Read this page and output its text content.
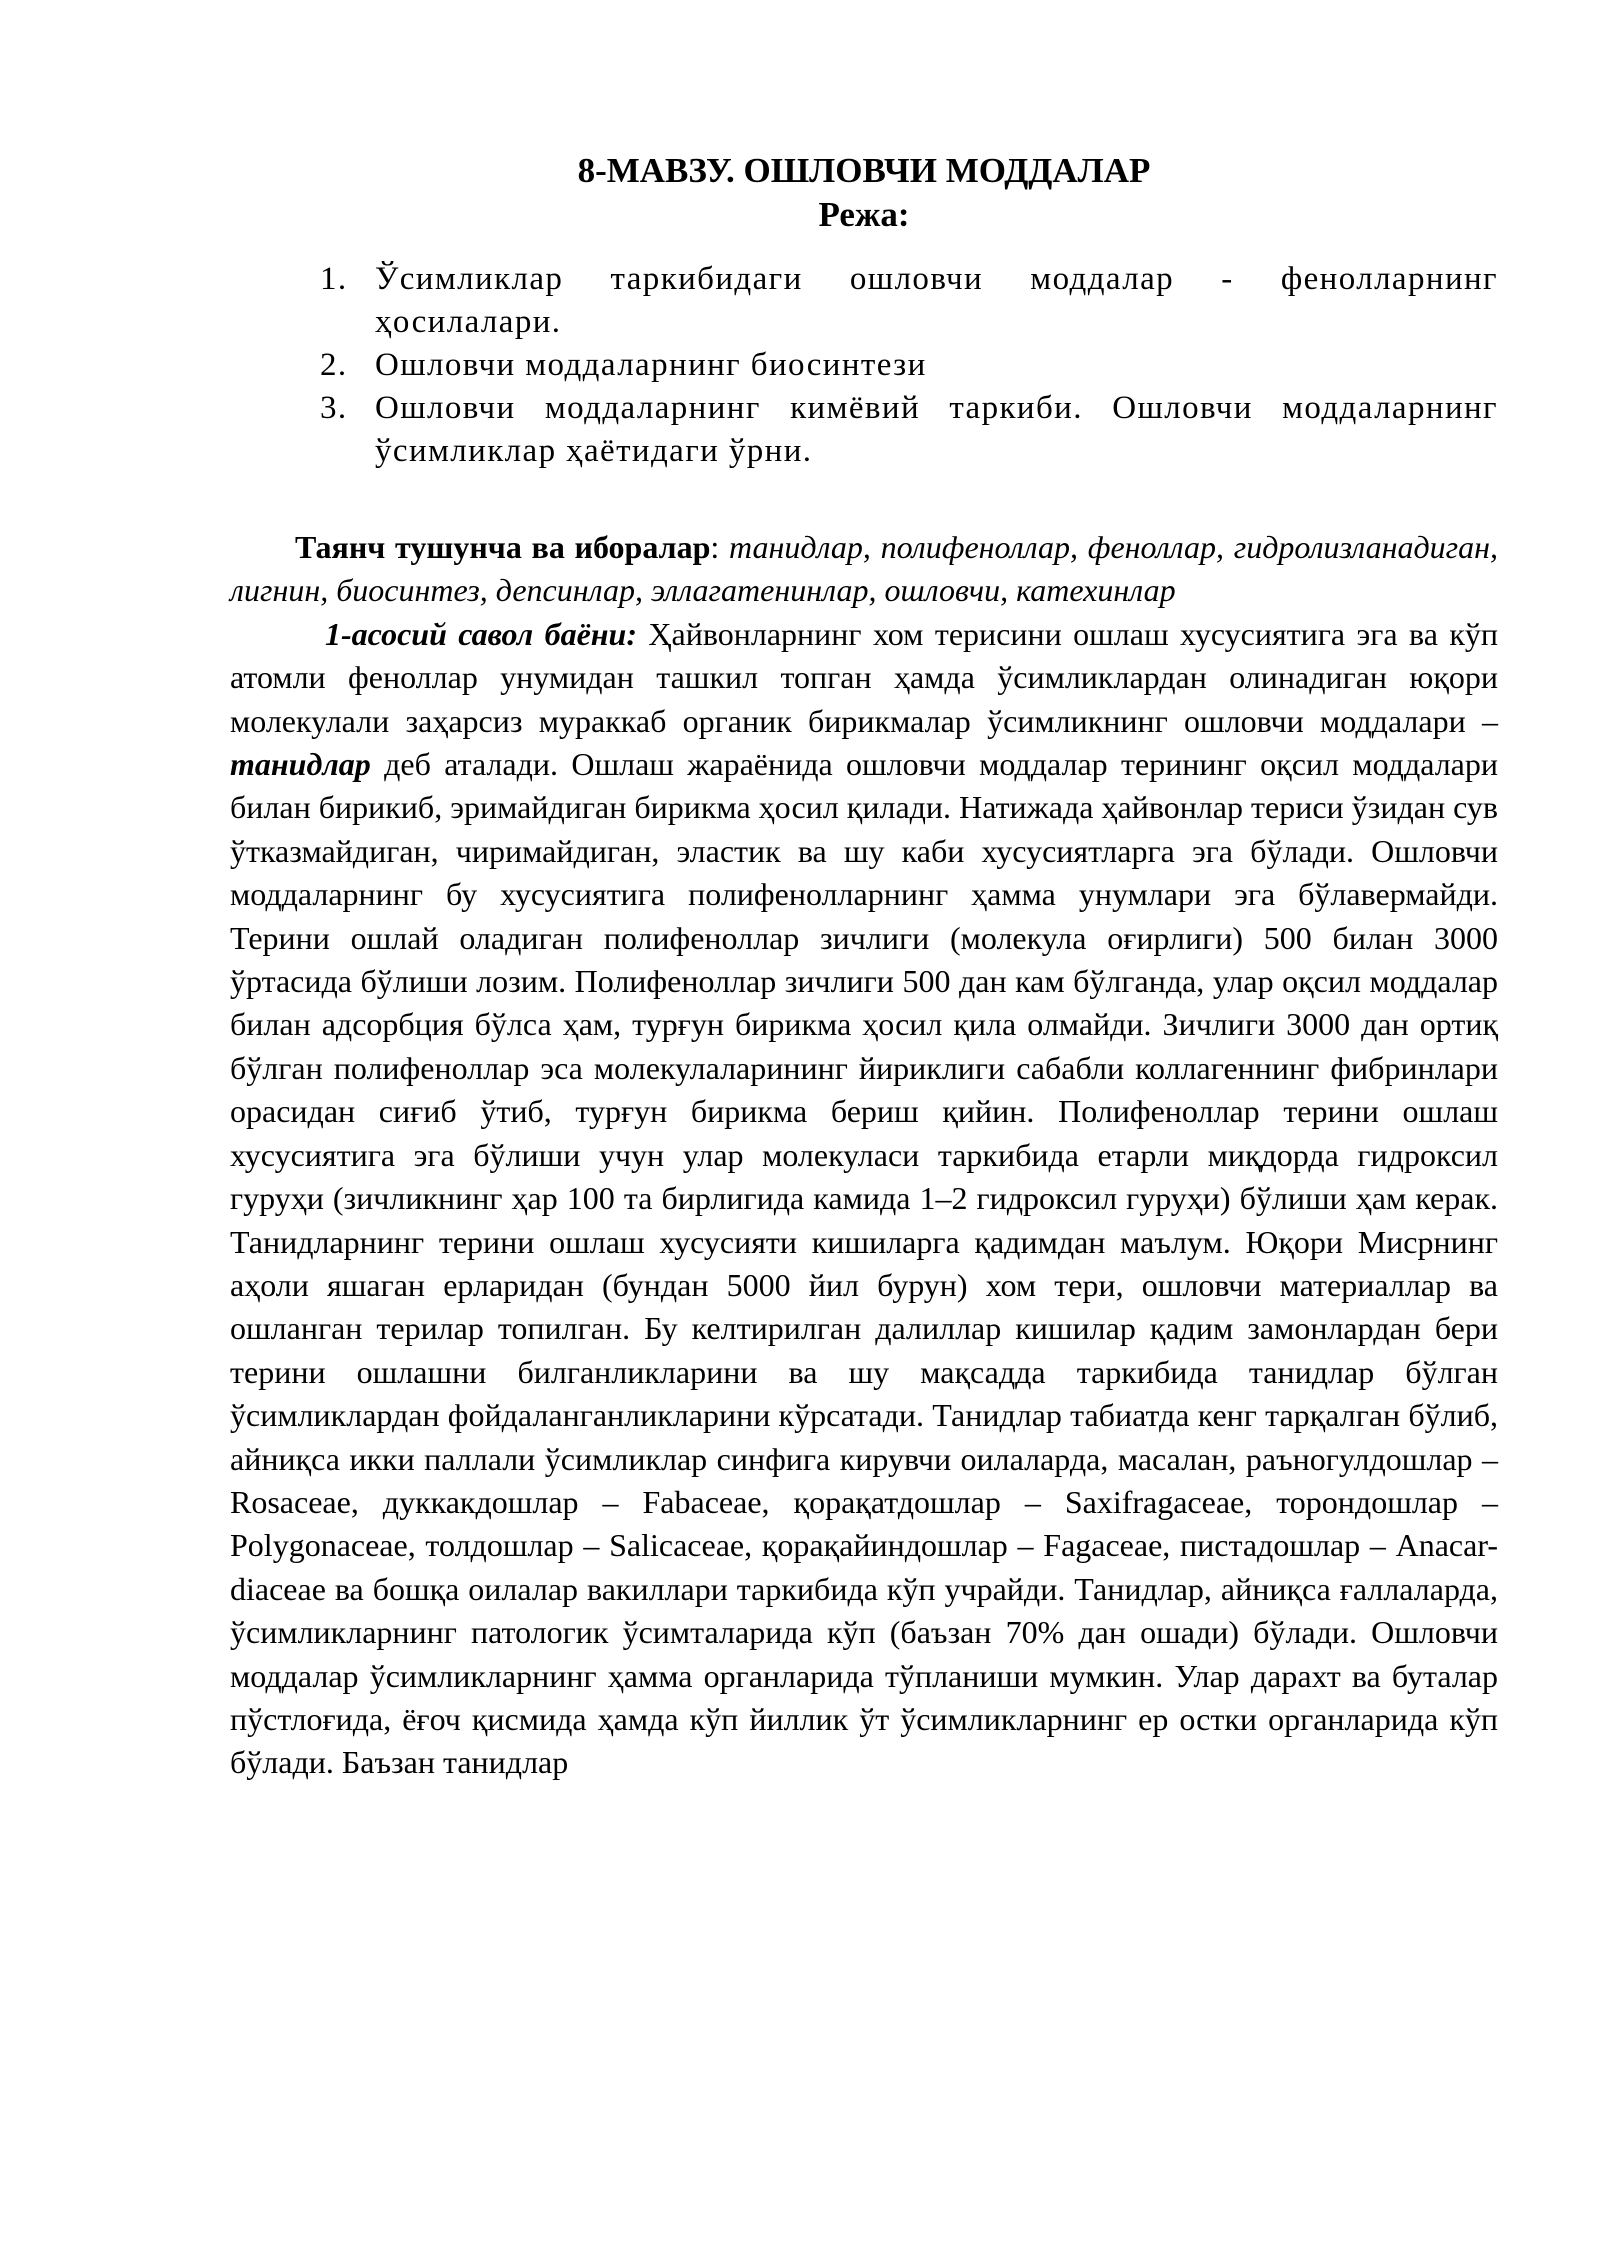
8-МАВЗУ. ОШЛОВЧИ МОДДАЛАР
Режа:
1. Ўсимликлар таркибидаги ошловчи моддалар - фенолларнинг ҳосилалари.
2. Ошловчи моддаларнинг биосинтези
3. Ошловчи моддаларнинг кимёвий таркиби. Ошловчи моддаларнинг ўсимликлар ҳаётидаги ўрни.

Таянч тушунча ва иборалар: танидлар, полифеноллар, феноллар, гидролизланадиган, лигнин, биосинтез, депсинлар, эллагатенинлар, ошловчи, катехинлар

1-асосий савол баёни: Ҳайвонларнинг хом терисини ошлаш хусусиятига эга ва кўп атомли феноллар унумидан ташкил топган ҳамда ўсимликлардан олинадиган юқори молекулали заҳарсиз мураккаб органик бирикмалар ўсимликнинг ошловчи моддалари – танидлар деб аталади. Ошлаш жараёнида ошловчи моддалар терининг оқсил моддалари билан бирикиб, эримайдиган бирикма ҳосил қилади. Натижада ҳайвонлар териси ўзидан сув ўтказмайдиган, чиримайдиган, эластик ва шу каби хусусиятларга эга бўлади. Ошловчи моддаларнинг бу хусусиятига полифенолларнинг ҳамма унумлари эга бўлавермайди. Терини ошлай оладиган полифеноллар зичлиги (молекула оғирлиги) 500 билан 3000 ўртасида бўлиши лозим. Полифеноллар зичлиги 500 дан кам бўлганда, улар оқсил моддалар билан адсорбция бўлса ҳам, турғун бирикма ҳосил қила олмайди. Зичлиги 3000 дан ортиқ бўлган полифеноллар эса молекулаларининг йириклиги сабабли коллагеннинг фибринлари орасидан сиғиб ўтиб, турғун бирикма бериш қийин. Полифеноллар терини ошлаш хусусиятига эга бўлиши учун улар молекуласи таркибида етарли миқдорда гидроксил гуруҳи (зичликнинг ҳар 100 та бирлигида камида 1–2 гидроксил гуруҳи) бўлиши ҳам керак. Танидларнинг терини ошлаш хусусияти кишиларга қадимдан маълум. Юқори Мисрнинг аҳоли яшаган ерларидан (бундан 5000 йил бурун) хом тери, ошловчи материаллар ва ошланган терилар топилган. Бу келтирилган далиллар кишилар қадим замонлардан бери терини ошлашни билганликларини ва шу мақсадда таркибида танидлар бўлган ўсимликлардан фойдаланганликларини кўрсатади. Танидлар табиатда кенг тарқалган бўлиб, айниқса икки паллали ўсимликлар синфига кирувчи оилаларда, масалан, раъногулдошлар – Rosaceae, дуккакдошлар – Fabaceae, қорақатдошлар – Saxifragaceae, торондошлар –Polygonaceae, толдошлар – Salicaceae, қорақайиндошлар – Fagaceae, пистадошлар – Anacar- diaceae ва бошқа оилалар вакиллари таркибида кўп учрайди. Танидлар, айниқса ғаллаларда, ўсимликларнинг патологик ўсимталарида кўп (баъзан 70% дан ошади) бўлади. Ошловчи моддалар ўсимликларнинг ҳамма органларида тўпланиши мумкин. Улар дарахт ва буталар пўстлоғида, ёғоч қисмида ҳамда кўп йиллик ўт ўсимликларнинг ер остки органларида кўп бўлади. Баъзан танидлар
